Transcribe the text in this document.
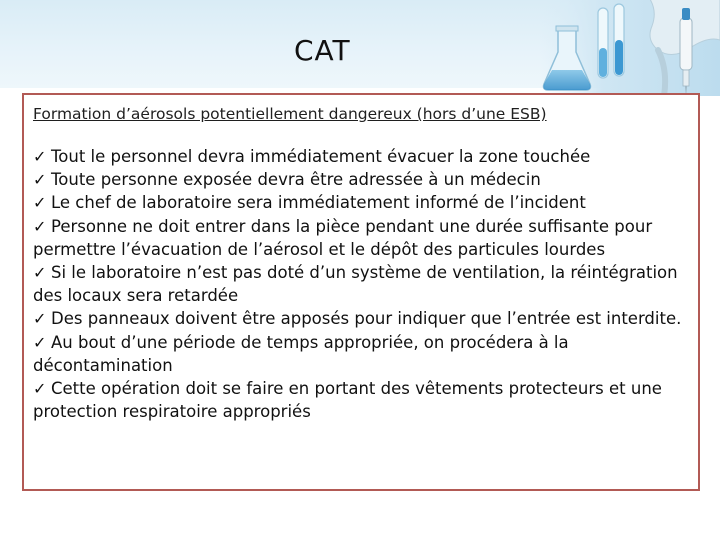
CAT
Formation d’aérosols potentiellement dangereux (hors d’une ESB)
✓ Tout le personnel devra immédiatement évacuer la zone touchée
✓ Toute personne exposée devra être adressée à un médecin
✓ Le chef de laboratoire sera immédiatement informé de l’incident
✓ Personne ne doit entrer dans la pièce pendant une durée suffisante pour permettre l’évacuation de l’aérosol et le dépôt des particules lourdes
✓ Si le laboratoire n’est pas doté d’un système de ventilation, la réintégration des locaux sera retardée
✓ Des panneaux doivent être apposés pour indiquer que l’entrée est interdite.
✓ Au bout d’une période de temps appropriée, on procédera à la décontamination
✓ Cette opération doit se faire en portant des vêtements protecteurs et une protection respiratoire appropriés
